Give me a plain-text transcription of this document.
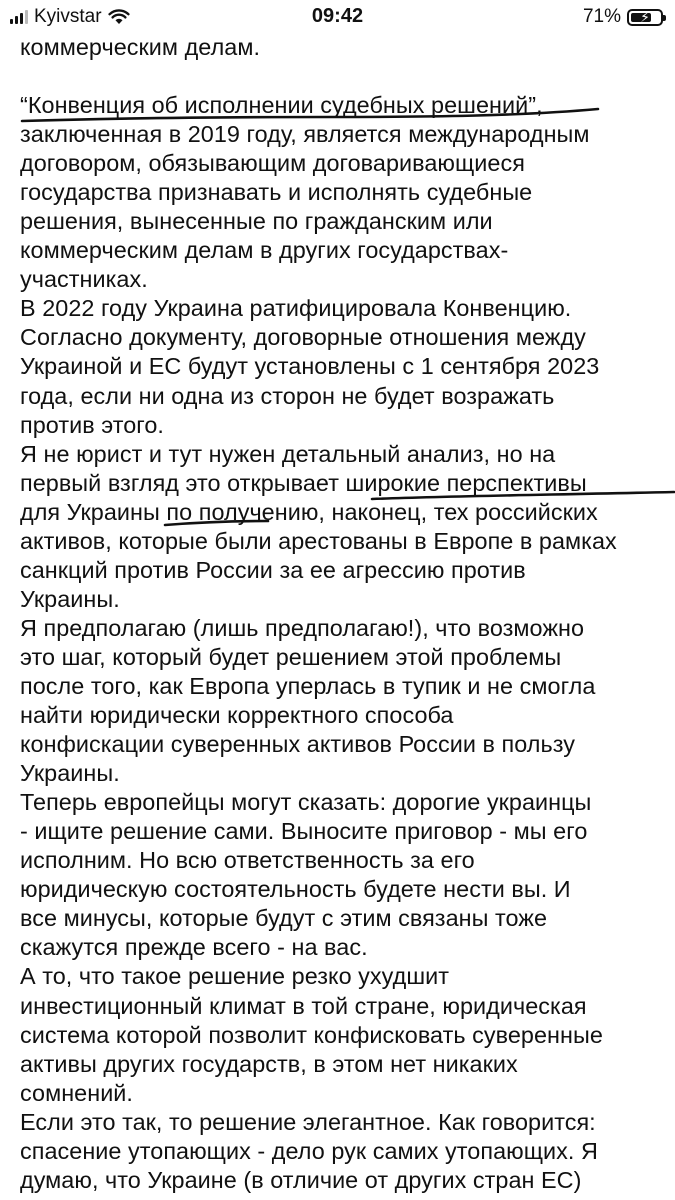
Kyivstar	09:42	71%	⚡

коммерческим делам.

“Конвенция об исполнении судебных решений”,
заключенная в 2019 году, является международным
договором, обязывающим договаривающиеся
государства признавать и исполнять судебные
решения, вынесенные по гражданским или
коммерческим делам в других государствах-
участниках.

В 2022 году Украина ратифицировала Конвенцию.
Согласно документу, договорные отношения между
Украиной и ЕС будут установлены с 1 сентября 2023
года, если ни одна из сторон не будет возражать
против этого.

Я не юрист и тут нужен детальный анализ, но на
первый взгляд это открывает широкие перспективы
для Украины по получению, наконец, тех российских
активов, которые были арестованы в Европе в рамках
санкций против России за ее агрессию против
Украины.

Я предполагаю (лишь предполагаю!), что возможно
это шаг, который будет решением этой проблемы
после того, как Европа уперлась в тупик и не смогла
найти юридически корректного способа
конфискации суверенных активов России в пользу
Украины.

Теперь европейцы могут сказать: дорогие украинцы
- ищите решение сами. Выносите приговор - мы его
исполним. Но всю ответственность за его
юридическую состоятельность будете нести вы. И
все минусы, которые будут с этим связаны тоже
скажутся прежде всего - на вас.

А то, что такое решение резко ухудшит
инвестиционный климат в той стране, юридическая
система которой позволит конфисковать суверенные
активы других государств, в этом нет никаких
сомнений.

Если это так, то решение элегантное. Как говорится:
спасение утопающих - дело рук самих утопающих. Я
думаю, что Украине (в отличие от других стран ЕС)
